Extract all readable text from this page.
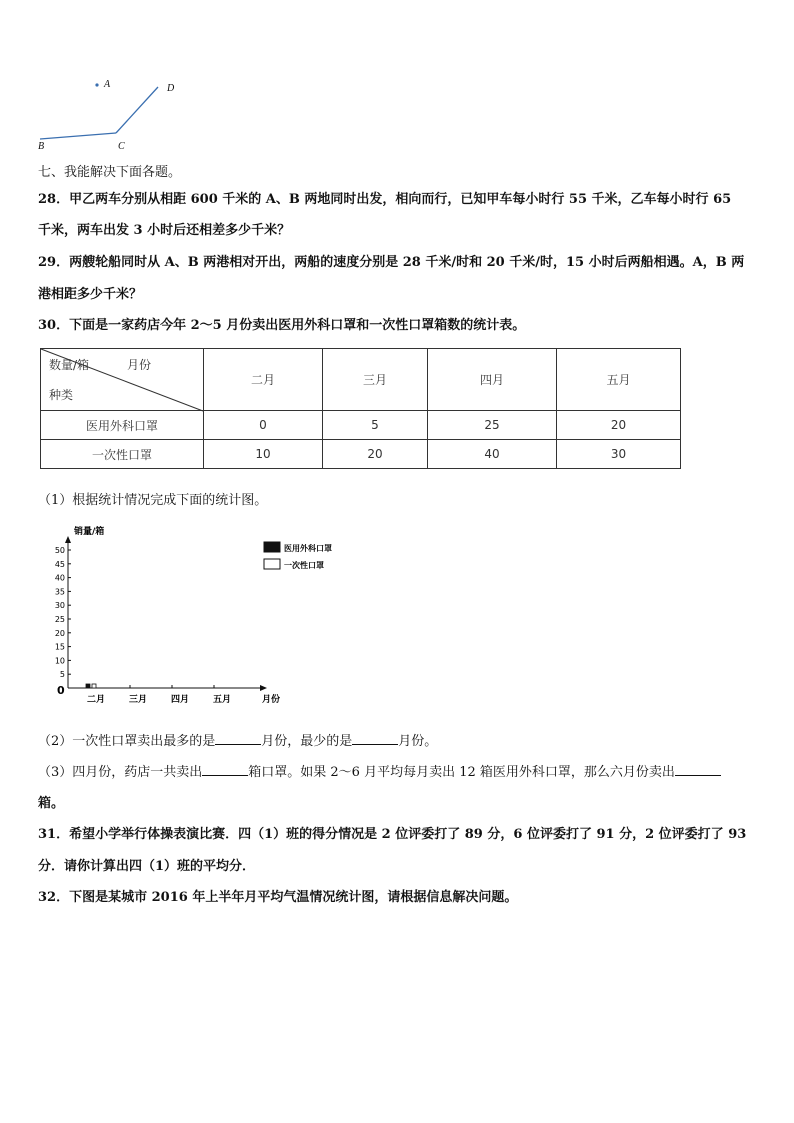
A	D
B	C
七、我能解决下面各题。
28．甲乙两车分别从相距 600 千米的 A、B 两地同时出发，相向而行，已知甲车每小时行 55 千米，乙车每小时行 65
千米，两车出发 3 小时后还相差多少千米？
29．两艘轮船同时从 A、B 两港相对开出，两船的速度分别是 28 千米/时和 20 千米/时，15 小时后两船相遇。A，B 两
港相距多少千米？
30．下面是一家药店今年 2～5 月份卖出医用外科口罩和一次性口罩箱数的统计表。
数量/箱 月份
种类	二月	三月	四月	五月
医用外科口罩	0	5	25	20
一次性口罩	10	20	40	30
（1）根据统计情况完成下面的统计图。
销量/箱
5
10
15
20
25
30
35
40
45
50
二月	三月	四月	五月
0
月份
医用外科口罩
一次性口罩
（2）一次性口罩卖出最多的是	月份，最少的是	月份。
（3）四月份，药店一共卖出	箱口罩。如果 2～6 月平均每月卖出 12 箱医用外科口罩，那么六月份卖出
箱。
31．希望小学举行体操表演比赛．四（1）班的得分情况是 2 位评委打了 89 分，6 位评委打了 91 分，2 位评委打了 93
分．请你计算出四（1）班的平均分．
32．下图是某城市 2016 年上半年月平均气温情况统计图，请根据信息解决问题。
